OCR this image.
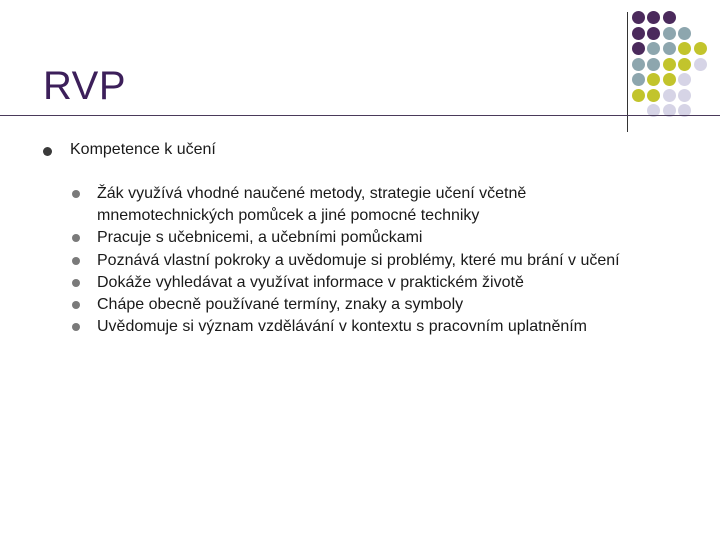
RVP
Kompetence k učení
Žák využívá vhodné naučené metody, strategie učení včetně mnemotechnických pomůcek a jiné pomocné techniky
Pracuje s učebnicemi, a učebními pomůckami
Poznává vlastní pokroky a uvědomuje si problémy, které mu brání v učení
Dokáže vyhledávat a využívat informace v praktickém životě
Chápe obecně používané termíny, znaky a symboly
Uvědomuje si význam vzdělávání v kontextu s pracovním uplatněním
